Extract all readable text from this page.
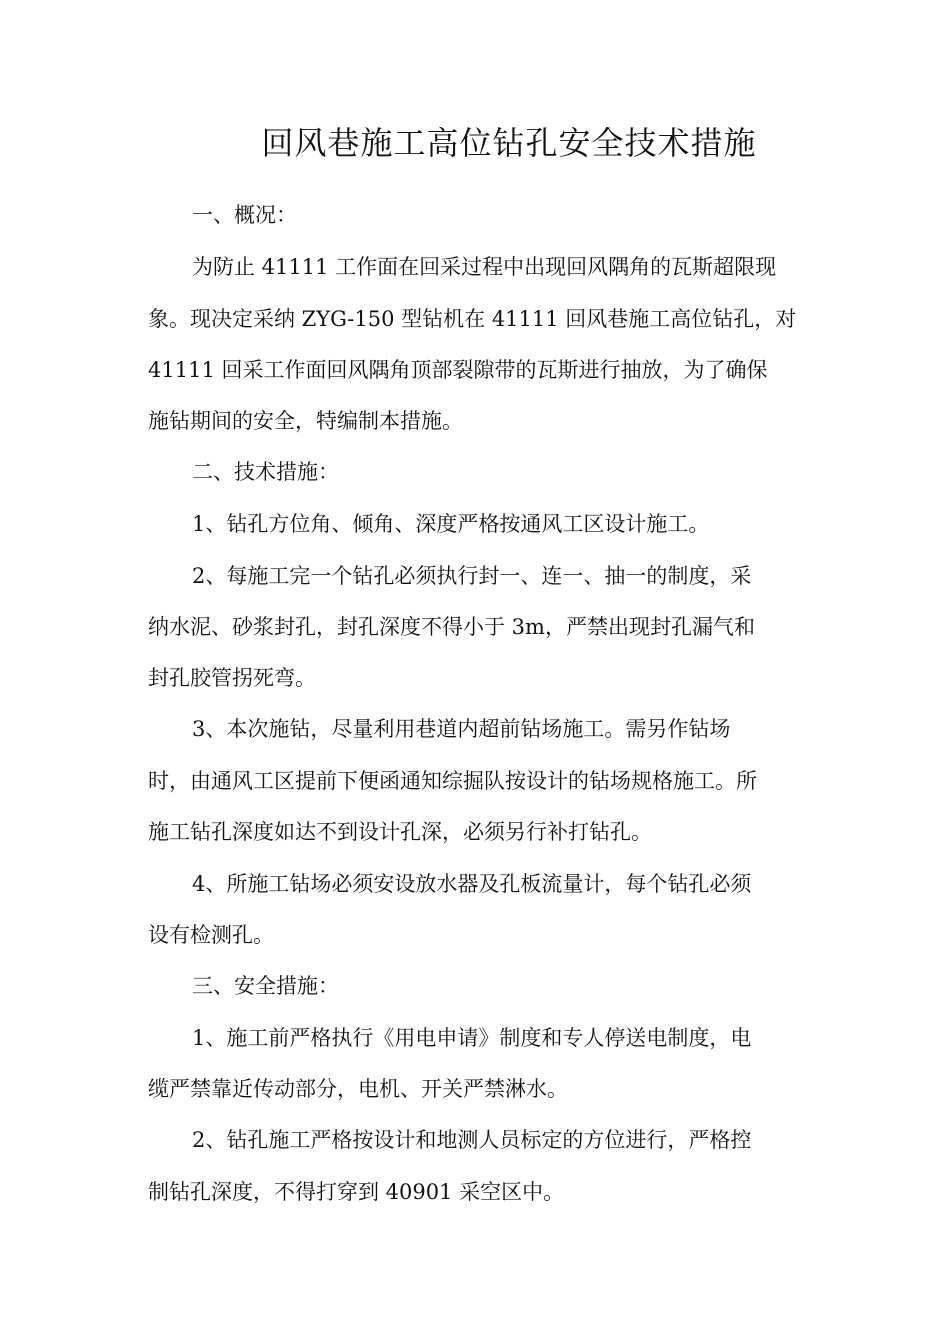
回风巷施工高位钻孔安全技术措施
一、概况：
为防止 41111 工作面在回采过程中出现回风隅角的瓦斯超限现
象。现决定采纳 ZYG-150 型钻机在 41111 回风巷施工高位钻孔，对
41111 回采工作面回风隅角顶部裂隙带的瓦斯进行抽放，为了确保
施钻期间的安全，特编制本措施。
二、技术措施：
1、钻孔方位角、倾角、深度严格按通风工区设计施工。
2、每施工完一个钻孔必须执行封一、连一、抽一的制度，采
纳水泥、砂浆封孔，封孔深度不得小于 3m，严禁出现封孔漏气和
封孔胶管拐死弯。
3、本次施钻，尽量利用巷道内超前钻场施工。需另作钻场
时，由通风工区提前下便函通知综掘队按设计的钻场规格施工。所
施工钻孔深度如达不到设计孔深，必须另行补打钻孔。
4、所施工钻场必须安设放水器及孔板流量计，每个钻孔必须
设有检测孔。
三、安全措施：
1、施工前严格执行《用电申请》制度和专人停送电制度，电
缆严禁靠近传动部分，电机、开关严禁淋水。
2、钻孔施工严格按设计和地测人员标定的方位进行，严格控
制钻孔深度，不得打穿到 40901 采空区中。
